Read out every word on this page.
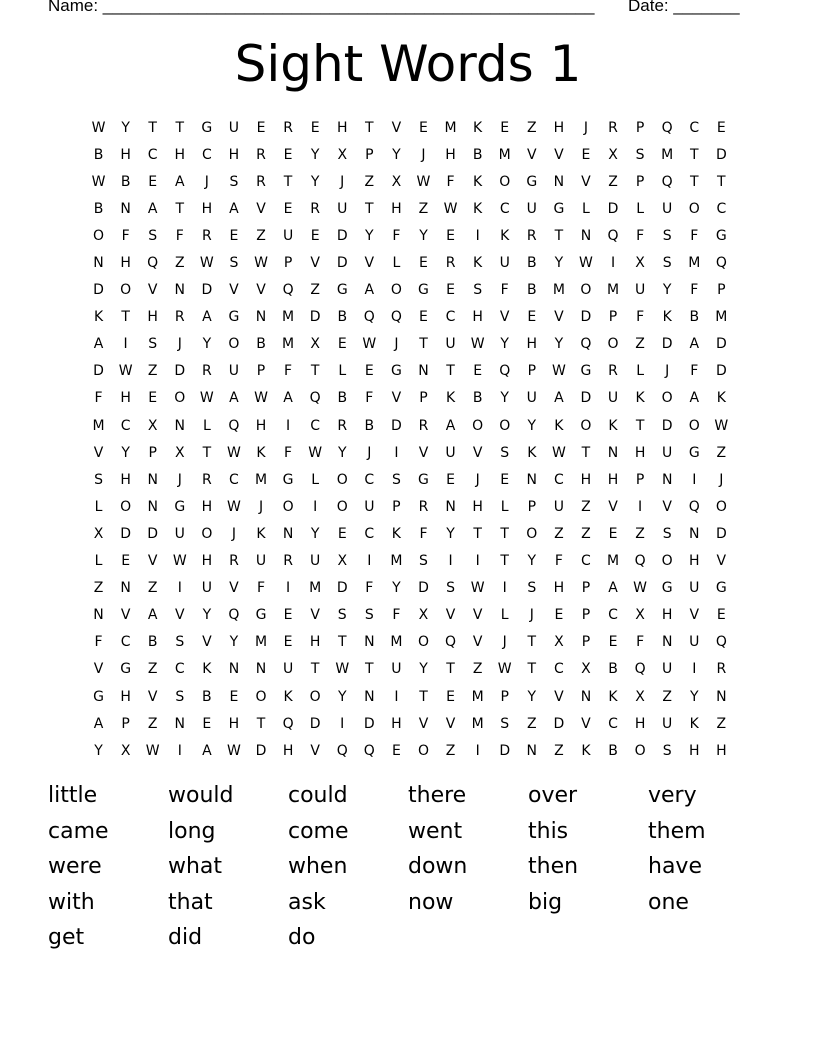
Name: ____________________________________________________ Date: _______
Sight Words 1
W	Y	T	T	G	U	E	R	E	H	T	V	E	M	K	E	Z	H	J	R	P	Q	C	E
B	H	C	H	C	H	R	E	Y	X	P	Y	J	H	B	M	V	V	E	X	S	M	T	D
W	B	E	A	J	S	R	T	Y	J	Z	X	W	F	K	O	G	N	V	Z	P	Q	T	T
B	N	A	T	H	A	V	E	R	U	T	H	Z	W	K	C	U	G	L	D	L	U	O	C
O	F	S	F	R	E	Z	U	E	D	Y	F	Y	E	I	K	R	T	N	Q	F	S	F	G
N	H	Q	Z	W	S	W	P	V	D	V	L	E	R	K	U	B	Y	W	I	X	S	M	Q
D	O	V	N	D	V	V	Q	Z	G	A	O	G	E	S	F	B	M	O	M	U	Y	F	P
K	T	H	R	A	G	N	M	D	B	Q	Q	E	C	H	V	E	V	D	P	F	K	B	M
A	I	S	J	Y	O	B	M	X	E	W	J	T	U	W	Y	H	Y	Q	O	Z	D	A	D
D	W	Z	D	R	U	P	F	T	L	E	G	N	T	E	Q	P	W	G	R	L	J	F	D
F	H	E	O	W	A	W	A	Q	B	F	V	P	K	B	Y	U	A	D	U	K	O	A	K
M	C	X	N	L	Q	H	I	C	R	B	D	R	A	O	O	Y	K	O	K	T	D	O	W
V	Y	P	X	T	W	K	F	W	Y	J	I	V	U	V	S	K	W	T	N	H	U	G	Z
S	H	N	J	R	C	M	G	L	O	C	S	G	E	J	E	N	C	H	H	P	N	I	J
L	O	N	G	H	W	J	O	I	O	U	P	R	N	H	L	P	U	Z	V	I	V	Q	O
X	D	D	U	O	J	K	N	Y	E	C	K	F	Y	T	T	O	Z	Z	E	Z	S	N	D
L	E	V	W	H	R	U	R	U	X	I	M	S	I	I	T	Y	F	C	M	Q	O	H	V
Z	N	Z	I	U	V	F	I	M	D	F	Y	D	S	W	I	S	H	P	A	W	G	U	G
N	V	A	V	Y	Q	G	E	V	S	S	F	X	V	V	L	J	E	P	C	X	H	V	E
F	C	B	S	V	Y	M	E	H	T	N	M	O	Q	V	J	T	X	P	E	F	N	U	Q
V	G	Z	C	K	N	N	U	T	W	T	U	Y	T	Z	W	T	C	X	B	Q	U	I	R
G	H	V	S	B	E	O	K	O	Y	N	I	T	E	M	P	Y	V	N	K	X	Z	Y	N
A	P	Z	N	E	H	T	Q	D	I	D	H	V	V	M	S	Z	D	V	C	H	U	K	Z
Y	X	W	I	A	W	D	H	V	Q	Q	E	O	Z	I	D	N	Z	K	B	O	S	H	H
little	would	could	there	over	very
came	long	come	went	this	them
were	what	when	down	then	have
with	that	ask	now	big	one
get	did	do
